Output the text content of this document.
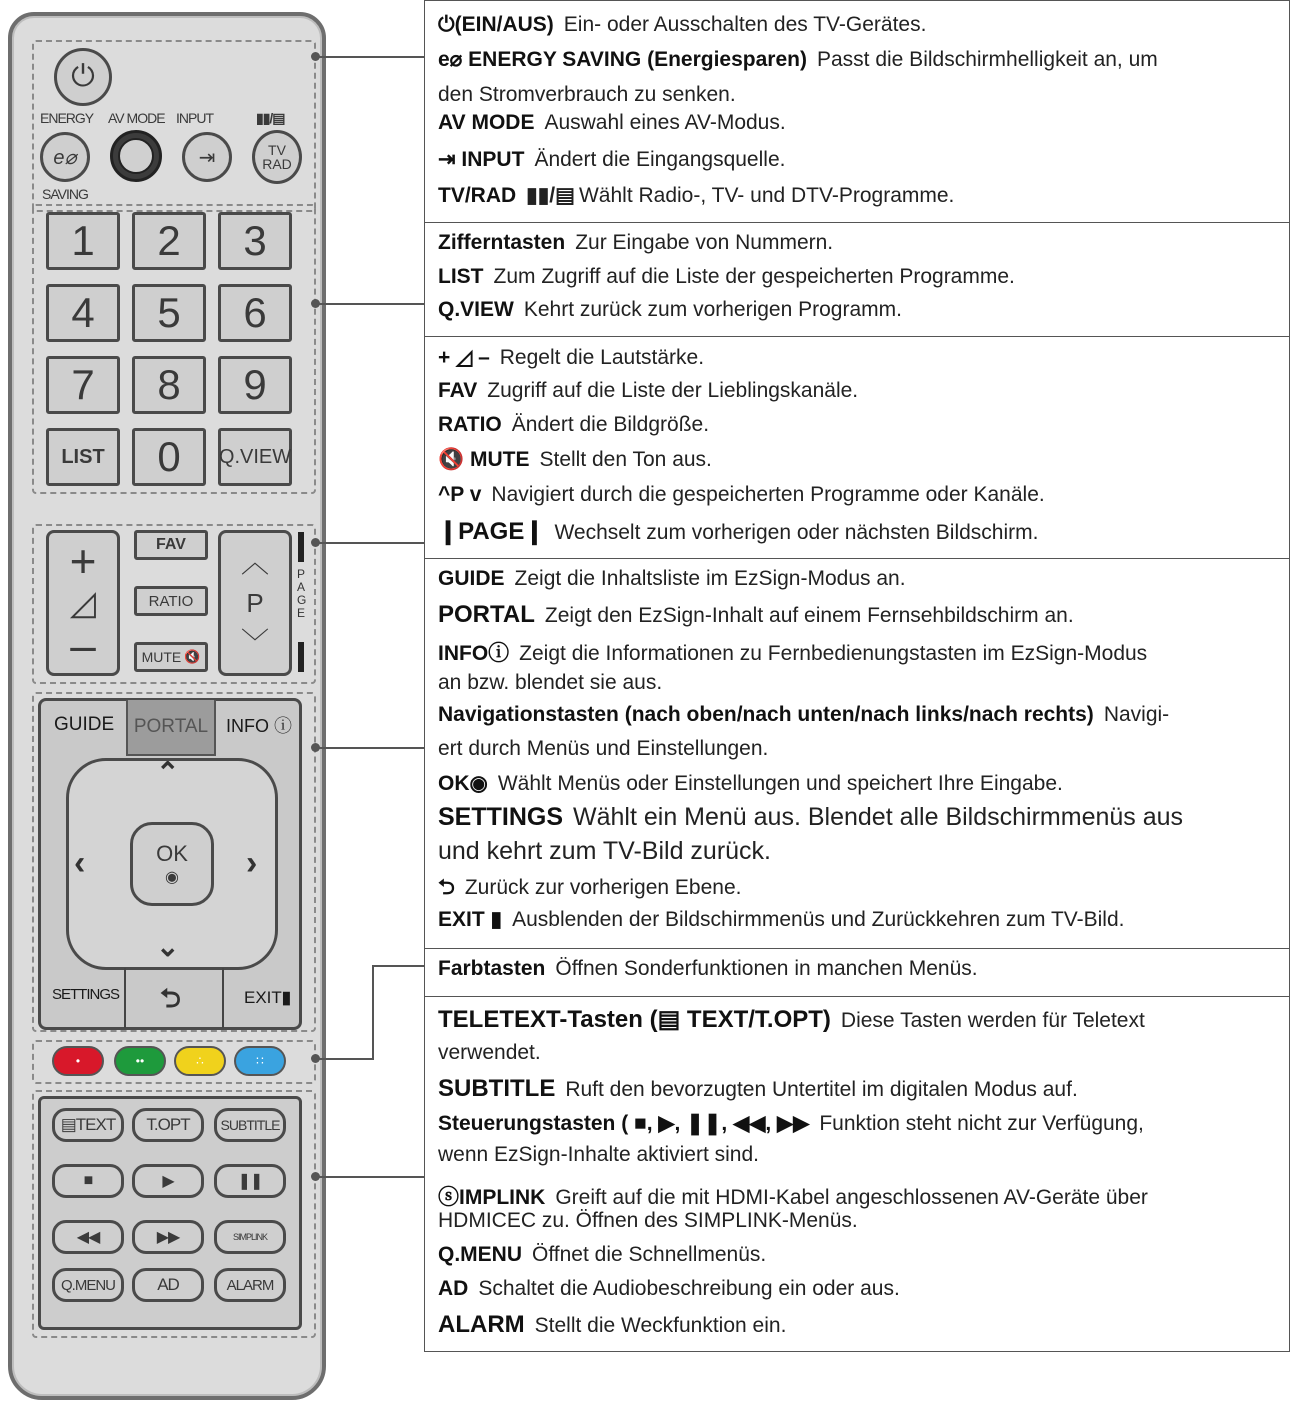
⏻
ENERGY AV MODE INPUT	▮▮/▤
e⌀
SAVING
⇥	TV RAD
1 2 3
4 5 6
7 8 9
LIST 0 Q.VIEW
+
◿
–
FAV
RATIO
MUTE 🔇
︿
P
﹀
PAGE
GUIDE	PORTAL INFO ⓘ
⌃
⌄
‹	›
OK
◉
SETTINGS ⮌	EXIT▮
•	••	∴	∷
▤ TEXT T.OPT SUBTITLE
■	▶	❚❚
◀◀	▶▶	SIMPLINK
Q.MENU AD	ALARM
⏻(EIN/AUS) Ein- oder Ausschalten des TV-Gerätes.
e⌀ ENERGY SAVING (Energiesparen) Passt die Bildschirmhelligkeit an, um
den Stromverbrauch zu senken.
AV MODE Auswahl eines AV-Modus.
⇥ INPUT Ändert die Eingangsquelle.
TV/RAD ▮▮/▤ Wählt Radio-, TV- und DTV-Programme.
Zifferntasten Zur Eingabe von Nummern.
LIST Zum Zugriff auf die Liste der gespeicherten Programme.
Q.VIEW Kehrt zurück zum vorherigen Programm.
+ ◿ – Regelt die Lautstärke.
FAV Zugriff auf die Liste der Lieblingskanäle.
RATIO Ändert die Bildgröße.
🔇 MUTE Stellt den Ton aus.
^P v Navigiert durch die gespeicherten Programme oder Kanäle.
❙PAGE❙ Wechselt zum vorherigen oder nächsten Bildschirm.
GUIDE Zeigt die Inhaltsliste im EzSign-Modus an.
PORTAL Zeigt den EzSign-Inhalt auf einem Fernsehbildschirm an.
INFOⓘ Zeigt die Informationen zu Fernbedienungstasten im EzSign-Modus
an bzw. blendet sie aus.
Navigationstasten (nach oben/nach unten/nach links/nach rechts) Navigi-
ert durch Menüs und Einstellungen.
OK◉ Wählt Menüs oder Einstellungen und speichert Ihre Eingabe.
SETTINGS Wählt ein Menü aus. Blendet alle Bildschirmmenüs aus
und kehrt zum TV-Bild zurück.
⮌ Zurück zur vorherigen Ebene.
EXIT ▮ Ausblenden der Bildschirmmenüs und Zurückkehren zum TV-Bild.
Farbtasten Öffnen Sonderfunktionen in manchen Menüs.
TELETEXT-Tasten (▤ TEXT/T.OPT) Diese Tasten werden für Teletext
verwendet.
SUBTITLE Ruft den bevorzugten Untertitel im digitalen Modus auf.
Steuerungstasten ( ■, ▶, ❚❚, ◀◀, ▶▶ Funktion steht nicht zur Verfügung,
wenn EzSign-Inhalte aktiviert sind.
ⓢIMPLINK Greift auf die mit HDMI-Kabel angeschlossenen AV-Geräte über
HDMICEC zu. Öffnen des SIMPLINK-Menüs.
Q.MENU Öffnet die Schnellmenüs.
AD Schaltet die Audiobeschreibung ein oder aus.
ALARM Stellt die Weckfunktion ein.
